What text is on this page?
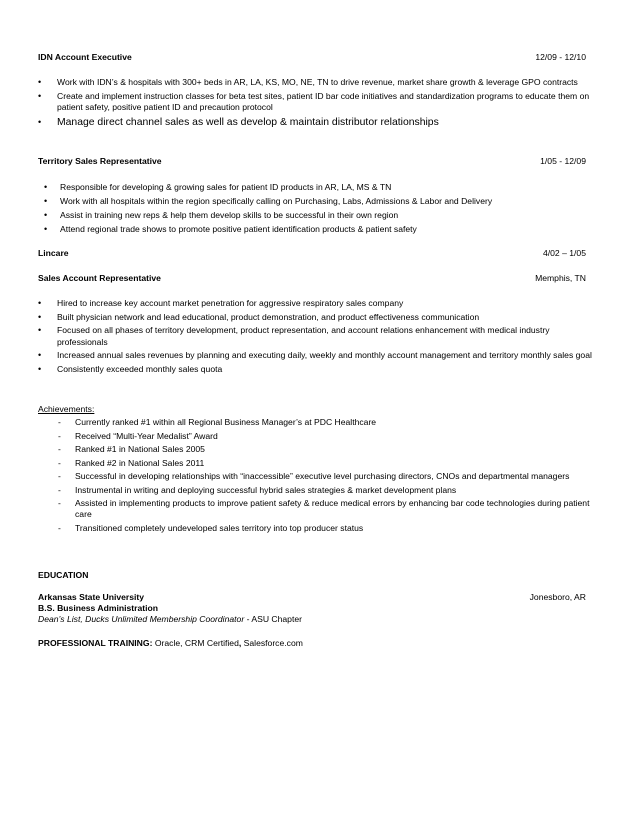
IDN Account Executive	12/09 - 12/10
• Work with IDN’s & hospitals with 300+ beds in AR, LA, KS, MO, NE, TN to drive revenue, market share growth & leverage GPO contracts
• Create and implement instruction classes for beta test sites, patient ID bar code initiatives and standardization programs to educate them on patient safety, positive patient ID and precaution protocol
• Manage direct channel sales as well as develop & maintain distributor relationships
Territory Sales Representative	1/05 - 12/09
• Responsible for developing & growing sales for patient ID products in AR, LA, MS & TN
• Work with all hospitals within the region specifically calling on Purchasing, Labs, Admissions & Labor and Delivery
• Assist in training new reps & help them develop skills to be successful in their own region
• Attend regional trade shows to promote positive patient identification products & patient safety
Lincare	4/02 – 1/05
Sales Account Representative	Memphis, TN
• Hired to increase key account market penetration for aggressive respiratory sales company
• Built physician network and lead educational, product demonstration, and product effectiveness communication
• Focused on all phases of territory development, product representation, and account relations enhancement with medical industry professionals
• Increased annual sales revenues by planning and executing daily, weekly and monthly account management and territory monthly sales goal
• Consistently exceeded monthly sales quota
Achievements:
- Currently ranked #1 within all Regional Business Manager’s at PDC Healthcare
- Received “Multi-Year Medalist” Award
- Ranked #1 in National Sales 2005
- Ranked #2 in National Sales 2011
- Successful in developing relationships with “inaccessible” executive level purchasing directors, CNOs and departmental managers
- Instrumental in writing and deploying successful hybrid sales strategies & market development plans
- Assisted in implementing products to improve patient safety & reduce medical errors by enhancing bar code technologies during patient care
- Transitioned completely undeveloped sales territory into top producer status
EDUCATION
Arkansas State University	Jonesboro, AR
B.S. Business Administration
Dean’s List, Ducks Unlimited Membership Coordinator - ASU Chapter
PROFESSIONAL TRAINING: Oracle, CRM Certified, Salesforce.com
